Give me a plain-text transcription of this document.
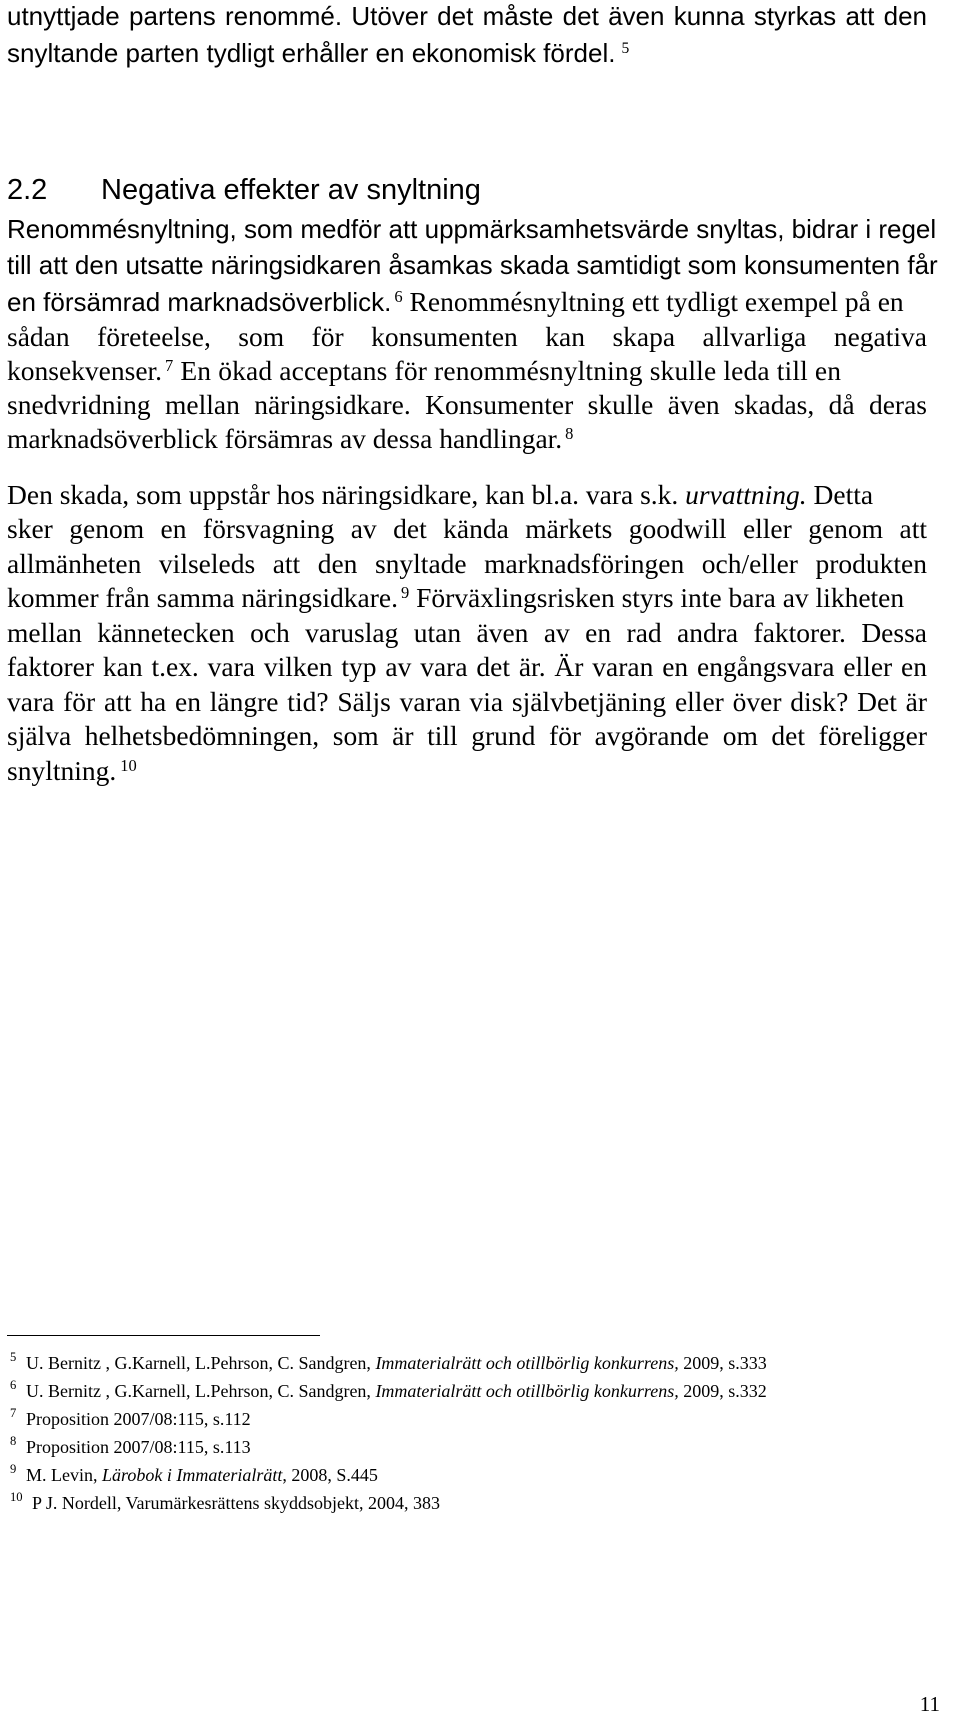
utnyttjade partens renommé. Utöver det måste det även kunna styrkas att den
snyltande parten tydligt erhåller en ekonomisk fördel. $^5$
2.2 Negativa effekter av snyltning
Renommésnyltning, som medför att uppmärksamhetsvärde snyltas, bidrar i regel
till att den utsatte näringsidkaren åsamkas skada samtidigt som konsumenten får
en försämrad marknadsöverblick. $^6$ Renommésnyltning ett tydligt exempel på en
sådan företeelse, som för konsumenten kan skapa allvarliga negativa
konsekvenser. $^7$ En ökad acceptans för renommésnyltning skulle leda till en
snedvridning mellan näringsidkare. Konsumenter skulle även skadas, då deras
marknadsöverblick försämras av dessa handlingar. $^8$
Den skada, som uppstår hos näringsidkare, kan bl.a. vara s.k. urvattning. Detta
sker genom en försvagning av det kända märkets goodwill eller genom att
allmänheten vilseleds att den snyltade marknadsföringen och/eller produkten
kommer från samma näringsidkare. $^9$ Förväxlingsrisken styrs inte bara av likheten
mellan kännetecken och varuslag utan även av en rad andra faktorer. Dessa
faktorer kan t.ex. vara vilken typ av vara det är. Är varan en engångsvara eller en
vara för att ha en längre tid? Säljs varan via självbetjäning eller över disk? Det är
själva helhetsbedömningen, som är till grund för avgörande om det föreligger
snyltning. $^{10}$
$^5$ U. Bernitz , G.Karnell, L.Pehrson, C. Sandgren, Immaterialrätt och otillbörlig konkurrens, 2009, s.333
$^6$ U. Bernitz , G.Karnell, L.Pehrson, C. Sandgren, Immaterialrätt och otillbörlig konkurrens, 2009, s.332
$^7$ Proposition 2007/08:115, s.112
$^8$ Proposition 2007/08:115, s.113
$^9$ M. Levin, Lärobok i Immaterialrätt, 2008, S.445
$^{10}$ P J. Nordell, Varumärkesrättens skyddsobjekt, 2004, 383
11
